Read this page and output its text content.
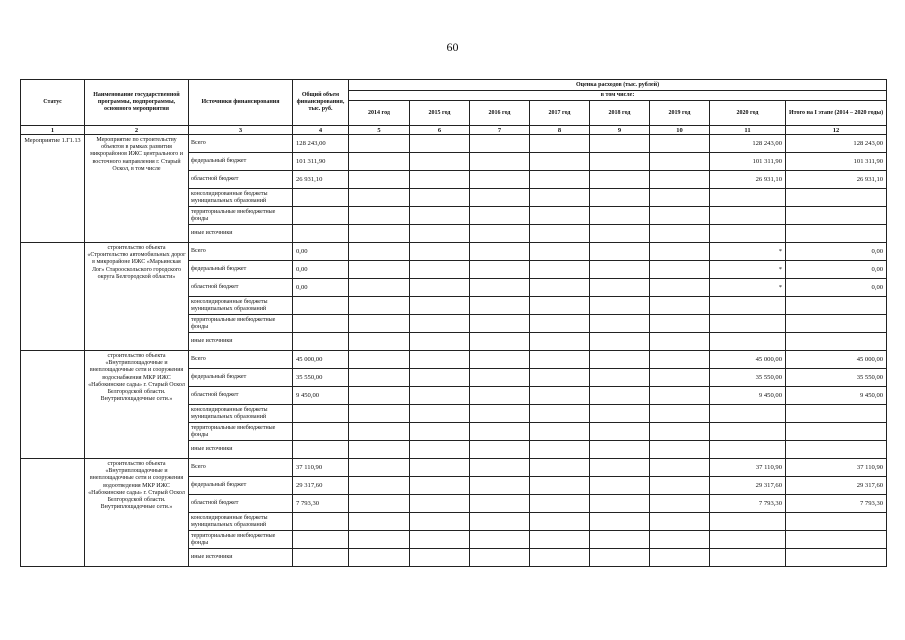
60
Статус	Наименование государственной программы, подпрограммы, основного мероприятия	Источники финансирования	Общий объем финансирования, тыс. руб.	Оценка расходов (тыс. рублей)							
				в том числе:							
				2014 год	2015 год	2016 год	2017 год	2018 год	2019 год	2020 год	Итого на I этапе (2014 – 2020 годы)
1	2	3	4	5	6	7	8	9	10	11	12
Мероприятие 1.Г1.13	Мероприятие по строительству объектов в рамках развития микрорайонов ИЖС центрального и восточного направления г. Старый Оскол, в том числе	Всего	128 243,00							128 243,00	128 243,00
		федеральный бюджет	101 311,90							101 311,90	101 311,90
		областной бюджет	26 931,10							26 931,10	26 931,10
		консолидированные бюджеты муниципальных образований									
		территориальные внебюджетные фонды									
		иные источники									
	строительство объекта «Строительство автомобильных дорог в микрорайоне ИЖС «Марьинская Лог» Старооскольского городского округа Белгородской области»	Всего	0,00							*	0,00
		федеральный бюджет	0,00							*	0,00
		областной бюджет	0,00							*	0,00
		консолидированные бюджеты муниципальных образований									
		территориальные внебюджетные фонды									
		иные источники									
	строительство объекта «Внутриплощадочные и внеплощадочные сети и сооружения водоснабжения МКР ИЖС «Набокинские сады» г. Старый Оскол Белгородской области. Внутриплощадочные сети.»	Всего	45 000,00							45 000,00	45 000,00
		федеральный бюджет	35 550,00							35 550,00	35 550,00
		областной бюджет	9 450,00							9 450,00	9 450,00
		консолидированные бюджеты муниципальных образований									
		территориальные внебюджетные фонды									
		иные источники									
	строительство объекта «Внутриплощадочные и внеплощадочные сети и сооружения водоотведения МКР ИЖС «Набокинские сады» г. Старый Оскол Белгородской области. Внутриплощадочные сети.»	Всего	37 110,90							37 110,90	37 110,90
		федеральный бюджет	29 317,60							29 317,60	29 317,60
		областной бюджет	7 793,30							7 793,30	7 793,30
		консолидированные бюджеты муниципальных образований									
		территориальные внебюджетные фонды									
		иные источники									
